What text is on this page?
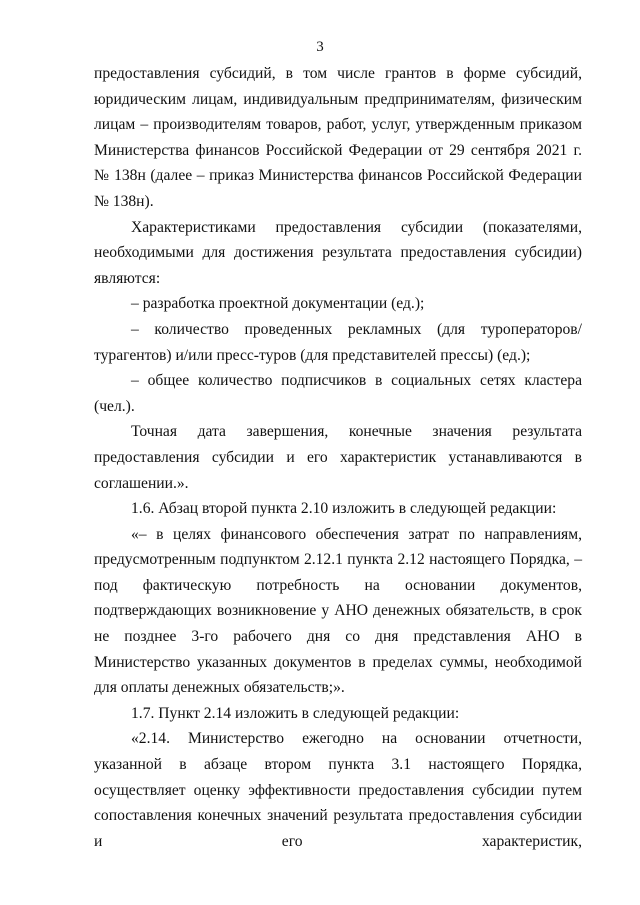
3

предоставления субсидий, в том числе грантов в форме субсидий, юридическим лицам, индивидуальным предпринимателям, физическим лицам – производителям товаров, работ, услуг, утвержденным приказом Министерства финансов Российской Федерации от 29 сентября 2021 г. № 138н (далее – приказ Министерства финансов Российской Федерации № 138н).

Характеристиками предоставления субсидии (показателями, необходимыми для достижения результата предоставления субсидии) являются:

– разработка проектной документации (ед.);

– количество проведенных рекламных (для туроператоров/турагентов) и/или пресс-туров (для представителей прессы) (ед.);

– общее количество подписчиков в социальных сетях кластера (чел.).

Точная дата завершения, конечные значения результата предоставления субсидии и его характеристик устанавливаются в соглашении.».

1.6. Абзац второй пункта 2.10 изложить в следующей редакции:

«– в целях финансового обеспечения затрат по направлениям, предусмотренным подпунктом 2.12.1 пункта 2.12 настоящего Порядка, – под фактическую потребность на основании документов, подтверждающих возникновение у АНО денежных обязательств, в срок не позднее 3-го рабочего дня со дня представления АНО в Министерство указанных документов в пределах суммы, необходимой для оплаты денежных обязательств;».

1.7. Пункт 2.14 изложить в следующей редакции:

«2.14. Министерство ежегодно на основании отчетности, указанной в абзаце втором пункта 3.1 настоящего Порядка, осуществляет оценку эффективности предоставления субсидии путем сопоставления конечных значений результата предоставления субсидии и его характеристик,
